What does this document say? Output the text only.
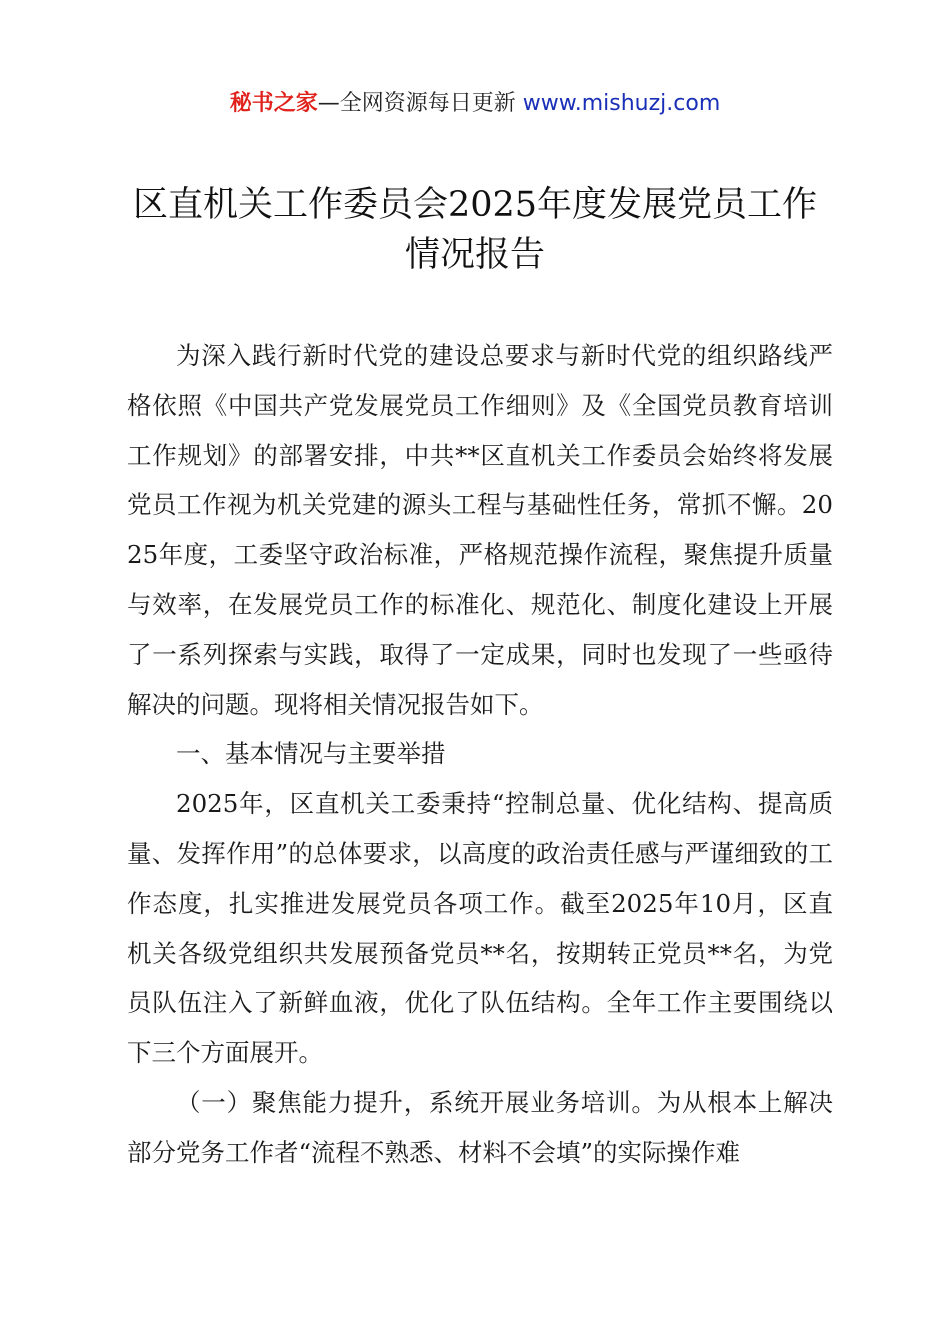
秘书之家—全网资源每日更新 www.mishuzj.com
区直机关工作委员会2025年度发展党员工作
情况报告

为深入践行新时代党的建设总要求与新时代党的组织路线严格依照《中国共产党发展党员工作细则》及《全国党员教育培训工作规划》的部署安排，中共**区直机关工作委员会始终将发展党员工作视为机关党建的源头工程与基础性任务，常抓不懈。2025年度，工委坚守政治标准，严格规范操作流程，聚焦提升质量与效率，在发展党员工作的标准化、规范化、制度化建设上开展了一系列探索与实践，取得了一定成果，同时也发现了一些亟待解决的问题。现将相关情况报告如下。

一、基本情况与主要举措

2025年，区直机关工委秉持“控制总量、优化结构、提高质量、发挥作用”的总体要求，以高度的政治责任感与严谨细致的工作态度，扎实推进发展党员各项工作。截至2025年10月，区直机关各级党组织共发展预备党员**名，按期转正党员**名，为党员队伍注入了新鲜血液，优化了队伍结构。全年工作主要围绕以下三个方面展开。

（一）聚焦能力提升，系统开展业务培训。为从根本上解决部分党务工作者“流程不熟悉、材料不会填”的实际操作难
